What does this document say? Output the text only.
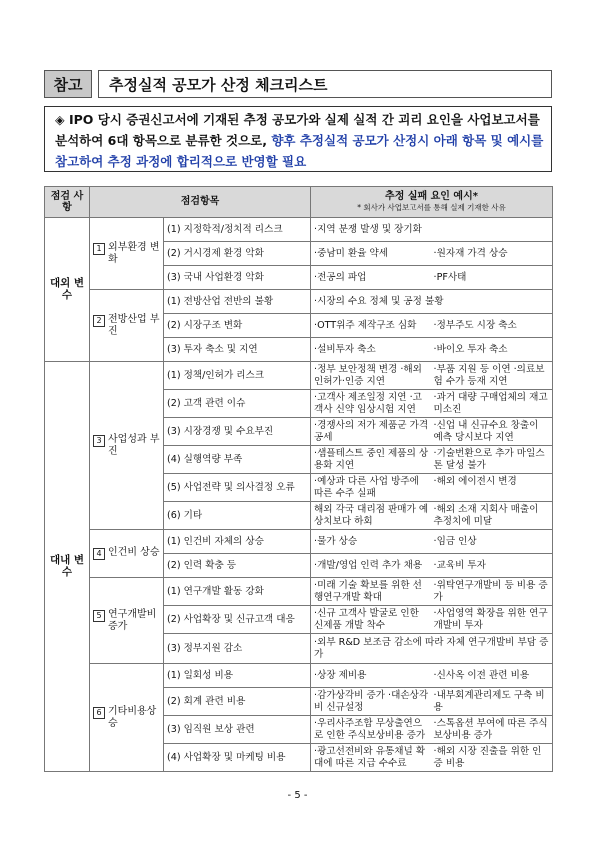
참고	추정실적 공모가 산정 체크리스트
◈ IPO 당시 증권신고서에 기재된 추정 공모가와 실제 실적 간 괴리 요인을 사업보고서를 분석하여 6대 항목으로 분류한 것으로, 향후 추정실적 공모가 산정시 아래 항목 및 예시를 참고하여 추정 과정에 합리적으로 반영할 필요
점검 사항	점검항목		추정 실패 요인 예시*
* 회사가 사업보고서를 통해 실제 기재한 사유

대외 변수	1 외부환경 변화	(1) 지정학적/정치적 리스크	·지역 분쟁 발생 및 장기화

		(2) 거시경제 환경 악화	·중남미 환율 약세 ·원자재 가격 상승

		(3) 국내 사업환경 악화	·전공의 파업 ·PF사태

	2 전방산업 부진	(1) 전방산업 전반의 불황	·시장의 수요 정체 및 공정 불황

		(2) 시장구조 변화	·OTT위주 제작구조 심화 ·정부주도 시장 축소

		(3) 투자 축소 및 지연	·설비투자 축소 ·바이오 투자 축소

대내 변수	3 사업성과 부진	(1) 정책/인허가 리스크	·정부 보안정책 변경 ·해외 인허가·인증 지연
·부품 지원 등 이연 ·의료보험 수가 등재 지연

		(2) 고객 관련 이슈	·고객사 제조일정 지연 ·고객사 신약 임상시험 지연
·과거 대량 구매업체의 재고 미소진

		(3) 시장경쟁 및 수요부진	·경쟁사의 저가 제품군 가격 공세
·신업 내 신규수요 창출이 예측 당시보다 지연

		(4) 실행역량 부족	·샘플테스트 중인 제품의 상용화 지연
·기술번환으로 추가 마일스톤 달성 불가

		(5) 사업전략 및 의사결정 오류	·예상과 다른 사업 방주에 따른 수주 실패
·해외 에이전시 변경

		(6) 기타	해외 각국 대리점 판매가 예상치보다 하회
·해외 소재 지회사 매출이 추정치에 미달

	4 인건비 상승	(1) 인건비 자체의 상승	·물가 상승 ·임금 인상

		(2) 인력 확충 등	·개발/영업 인력 추가 채용 ·교육비 투자

	5 연구개발비 증가	(1) 연구개발 활동 강화	·미래 기술 확보를 위한 선행연구개발 확대
·위탁연구개발비 등 비용 증가

		(2) 사업확장 및 신규고객 대응	·신규 고객사 발굴로 인한 신제품 개발 착수
·사업영역 확장을 위한 연구개발비 투자

		(3) 정부지원 감소	·외부 R&D 보조금 감소에 따라 자체 연구개발비 부담 증가

	6 기타비용상승	(1) 일회성 비용	·상장 제비용 ·신사옥 이전 관련 비용

		(2) 회계 관련 비용	·감가상각비 증가 ·대손상각비 신규설정
·내부회계관리제도 구축 비용

		(3) 임직원 보상 관련	·우리사주조합 무상출연으로 인한 주식보상비용 증가
·스톡옵션 부여에 따른 주식보상비용 증가

		(4) 사업확장 및 마케팅 비용	·광고선전비와 유통채널 확대에 따른 지급 수수료
·해외 시장 진출을 위한 인증 비용
- 5 -
